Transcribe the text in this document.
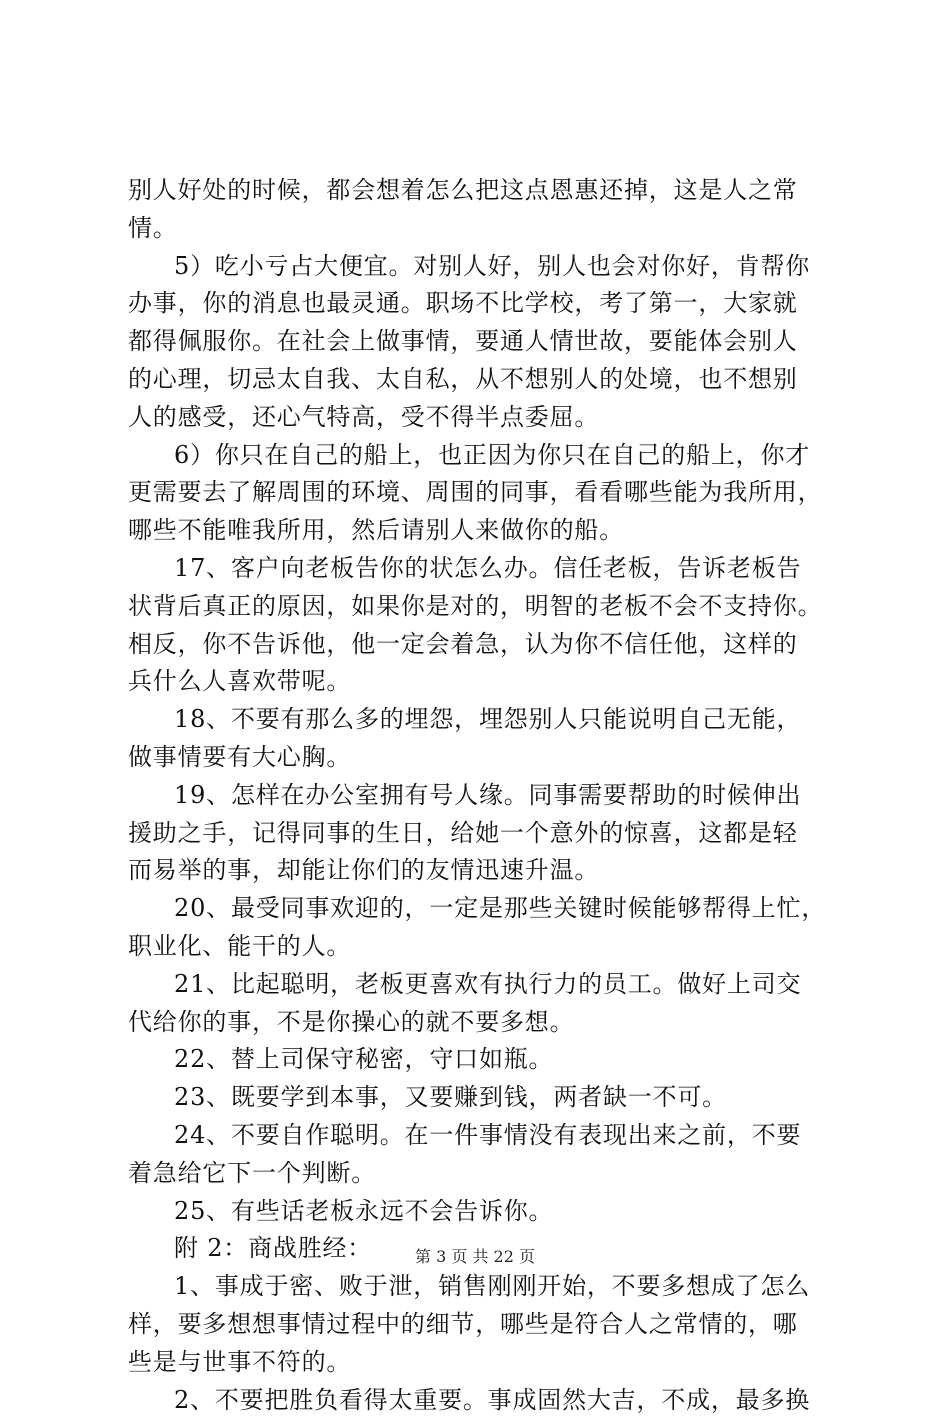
别人好处的时候，都会想着怎么把这点恩惠还掉，这是人之常
情。
5）吃小亏占大便宜。对别人好，别人也会对你好，肯帮你
办事，你的消息也最灵通。职场不比学校，考了第一，大家就
都得佩服你。在社会上做事情，要通人情世故，要能体会别人
的心理，切忌太自我、太自私，从不想别人的处境，也不想别
人的感受，还心气特高，受不得半点委屈。
6）你只在自己的船上，也正因为你只在自己的船上，你才
更需要去了解周围的环境、周围的同事，看看哪些能为我所用，
哪些不能唯我所用，然后请别人来做你的船。
17、客户向老板告你的状怎么办。信任老板，告诉老板告
状背后真正的原因，如果你是对的，明智的老板不会不支持你。
相反，你不告诉他，他一定会着急，认为你不信任他，这样的
兵什么人喜欢带呢。
18、不要有那么多的埋怨，埋怨别人只能说明自己无能，
做事情要有大心胸。
19、怎样在办公室拥有号人缘。同事需要帮助的时候伸出
援助之手，记得同事的生日，给她一个意外的惊喜，这都是轻
而易举的事，却能让你们的友情迅速升温。
20、最受同事欢迎的，一定是那些关键时候能够帮得上忙，
职业化、能干的人。
21、比起聪明，老板更喜欢有执行力的员工。做好上司交
代给你的事，不是你操心的就不要多想。
22、替上司保守秘密，守口如瓶。
23、既要学到本事，又要赚到钱，两者缺一不可。
24、不要自作聪明。在一件事情没有表现出来之前，不要
着急给它下一个判断。
25、有些话老板永远不会告诉你。
附 2：商战胜经：
1、事成于密、败于泄，销售刚刚开始，不要多想成了怎么
样，要多想想事情过程中的细节，哪些是符合人之常情的，哪
些是与世事不符的。
2、不要把胜负看得太重要。事成固然大吉，不成，最多换
第 3 页 共 22 页
